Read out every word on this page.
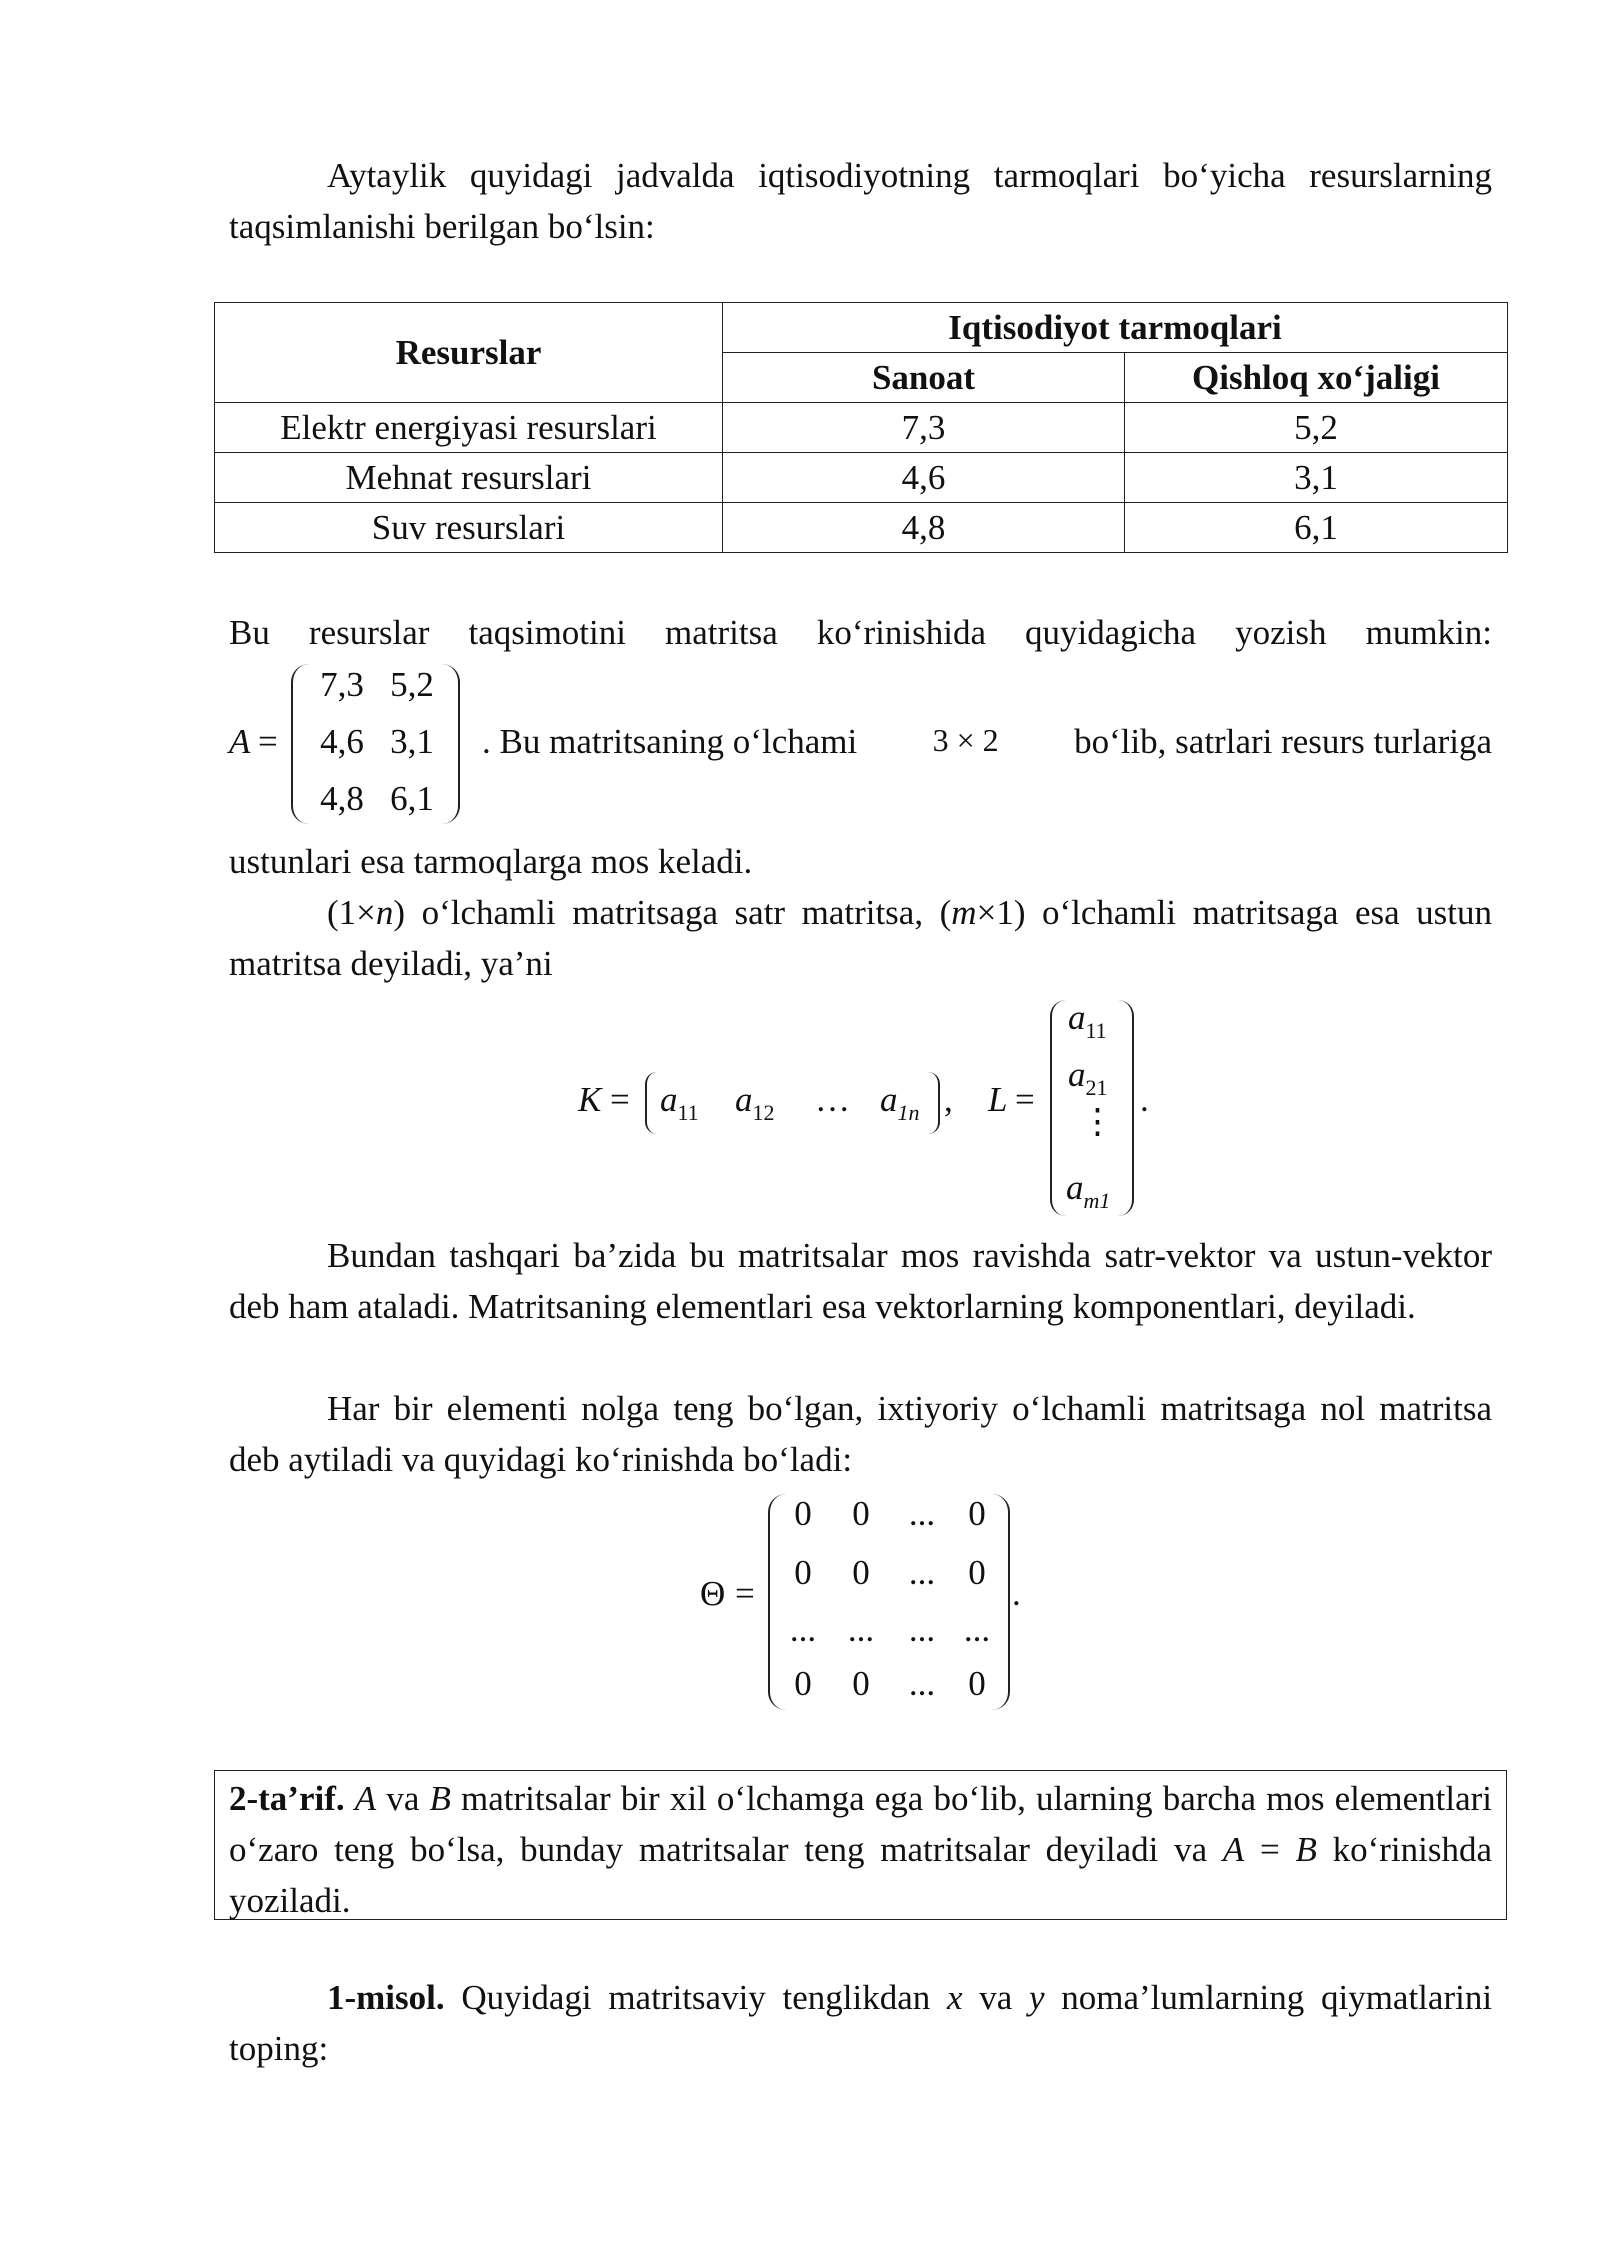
Aytaylik quyidagi jadvalda iqtisodiyotning tarmoqlari bo‘yicha resurslarning taqsimlanishi berilgan bo‘lsin:

Resurslar	Iqtisodiyot tarmoqlari	
	Sanoat	Qishloq xo‘jaligi
Elektr energiyasi resurslari	7,3	5,2
Mehnat resurslari	4,6	3,1
Suv resurslari	4,8	6,1

Bu resurslar taqsimotini matritsa ko‘rinishida quyidagicha yozish mumkin:

A =
7,3 5,2
4,6 3,1
4,8 6,1
. Bu matritsaning o‘lchami 3 × 2 bo‘lib, satrlari resurs turlariga
ustunlari esa tarmoqlarga mos keladi.

(1×n) o‘lchamli matritsaga satr matritsa, (m×1) o‘lchamli matritsaga esa ustun matritsa deyiladi, ya’ni

$K = a_{11}$ $a_{12}$ … $a_{1n}$ , L =
$a_{11}$
$a_{21}$
⋮
$a_{m1}$
.

Bundan tashqari ba’zida bu matritsalar mos ravishda satr-vektor va ustun-vektor deb ham ataladi. Matritsaning elementlari esa vektorlarning komponentlari, deyiladi.

Har bir elementi nolga teng bo‘lgan, ixtiyoriy o‘lchamli matritsaga nol matritsa deb aytiladi va quyidagi ko‘rinishda bo‘ladi:

Θ =
0	0	... 0
0	0	... 0
... ... ... ...
0	0	... 0
.

2-ta’rif. A va B matritsalar bir xil o‘lchamga ega bo‘lib, ularning barcha mos elementlari o‘zaro teng bo‘lsa, bunday matritsalar teng matritsalar deyiladi va A = B ko‘rinishda yoziladi.

1-misol. Quyidagi matritsaviy tenglikdan x va y noma’lumlarning qiymatlarini toping:
